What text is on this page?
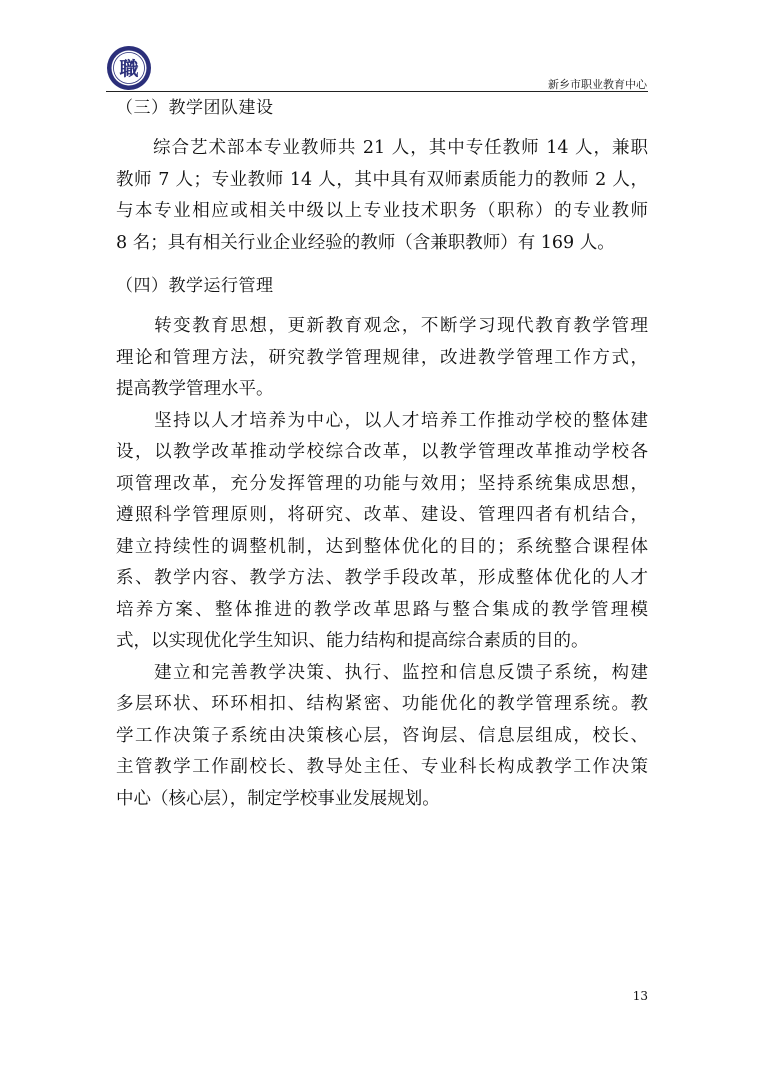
職
新乡市职业教育中心
（三）教学团队建设

　　综合艺术部本专业教师共 21 人，其中专任教师 14 人，兼职
教师 7 人；专业教师 14 人，其中具有双师素质能力的教师 2 人，
与本专业相应或相关中级以上专业技术职务（职称）的专业教师
8 名；具有相关行业企业经验的教师（含兼职教师）有 169 人。

（四）教学运行管理

　　转变教育思想，更新教育观念，不断学习现代教育教学管理
理论和管理方法，研究教学管理规律，改进教学管理工作方式，
提高教学管理水平。

　　坚持以人才培养为中心，以人才培养工作推动学校的整体建
设，以教学改革推动学校综合改革，以教学管理改革推动学校各
项管理改革，充分发挥管理的功能与效用；坚持系统集成思想，
遵照科学管理原则，将研究、改革、建设、管理四者有机结合，
建立持续性的调整机制，达到整体优化的目的；系统整合课程体
系、教学内容、教学方法、教学手段改革，形成整体优化的人才
培养方案、整体推进的教学改革思路与整合集成的教学管理模
式，以实现优化学生知识、能力结构和提高综合素质的目的。

　　建立和完善教学决策、执行、监控和信息反馈子系统，构建
多层环状、环环相扣、结构紧密、功能优化的教学管理系统。教
学工作决策子系统由决策核心层，咨询层、信息层组成，校长、
主管教学工作副校长、教导处主任、专业科长构成教学工作决策
中心（核心层），制定学校事业发展规划。

13
